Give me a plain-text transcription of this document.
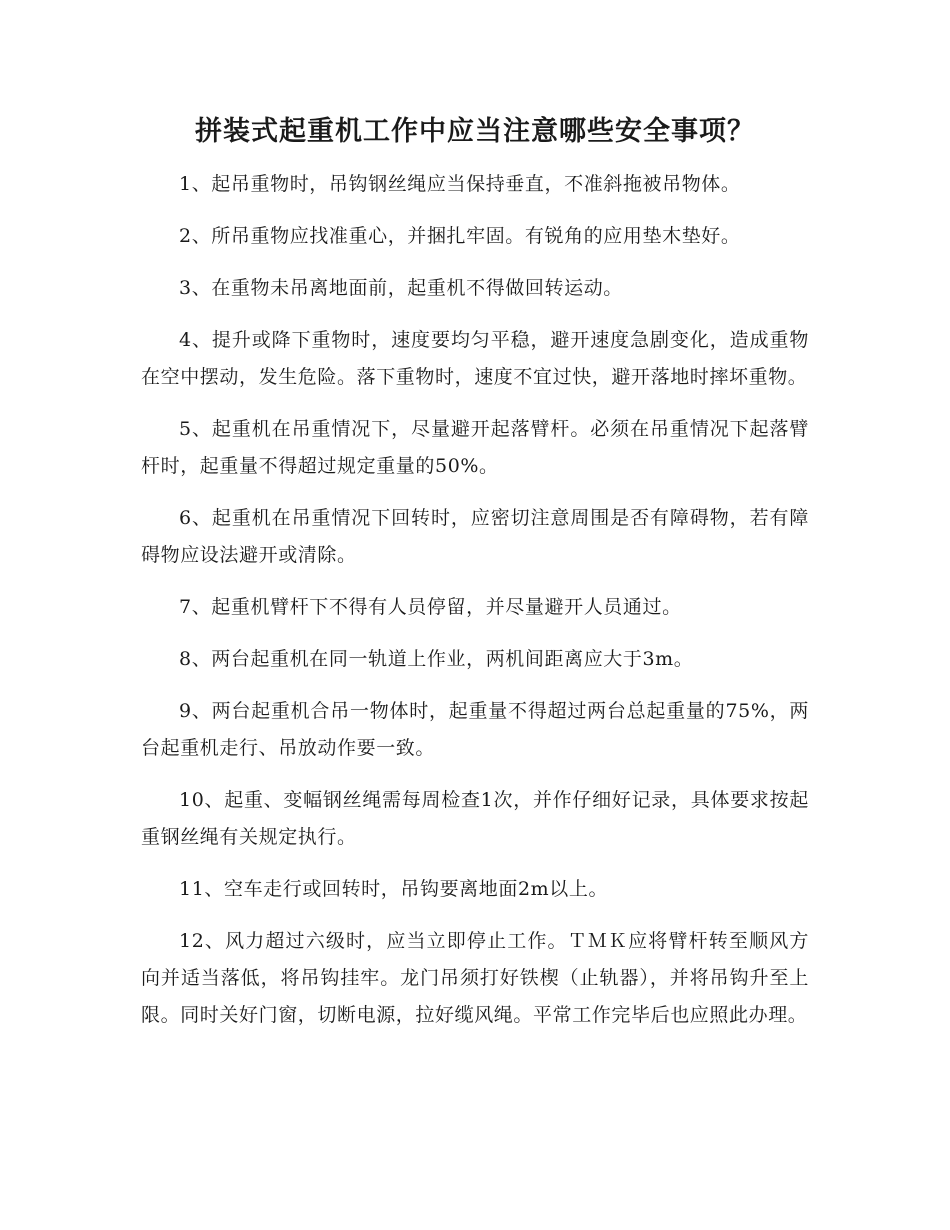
拼装式起重机工作中应当注意哪些安全事项？

1、起吊重物时，吊钩钢丝绳应当保持垂直，不准斜拖被吊物体。

2、所吊重物应找准重心，并捆扎牢固。有锐角的应用垫木垫好。

3、在重物未吊离地面前，起重机不得做回转运动。

4、提升或降下重物时，速度要均匀平稳，避开速度急剧变化，造成重物在空中摆动，发生危险。落下重物时，速度不宜过快，避开落地时摔坏重物。

5、起重机在吊重情况下，尽量避开起落臂杆。必须在吊重情况下起落臂杆时，起重量不得超过规定重量的50%。

6、起重机在吊重情况下回转时，应密切注意周围是否有障碍物，若有障碍物应设法避开或清除。

7、起重机臂杆下不得有人员停留，并尽量避开人员通过。

8、两台起重机在同一轨道上作业，两机间距离应大于3m。

9、两台起重机合吊一物体时，起重量不得超过两台总起重量的75%，两台起重机走行、吊放动作要一致。

10、起重、变幅钢丝绳需每周检查1次，并作仔细好记录，具体要求按起重钢丝绳有关规定执行。

11、空车走行或回转时，吊钩要离地面2m以上。

12、风力超过六级时，应当立即停止工作。ＴＭＫ应将臂杆转至顺风方向并适当落低，将吊钩挂牢。龙门吊须打好铁楔（止轨器），并将吊钩升至上限。同时关好门窗，切断电源，拉好缆风绳。平常工作完毕后也应照此办理。
